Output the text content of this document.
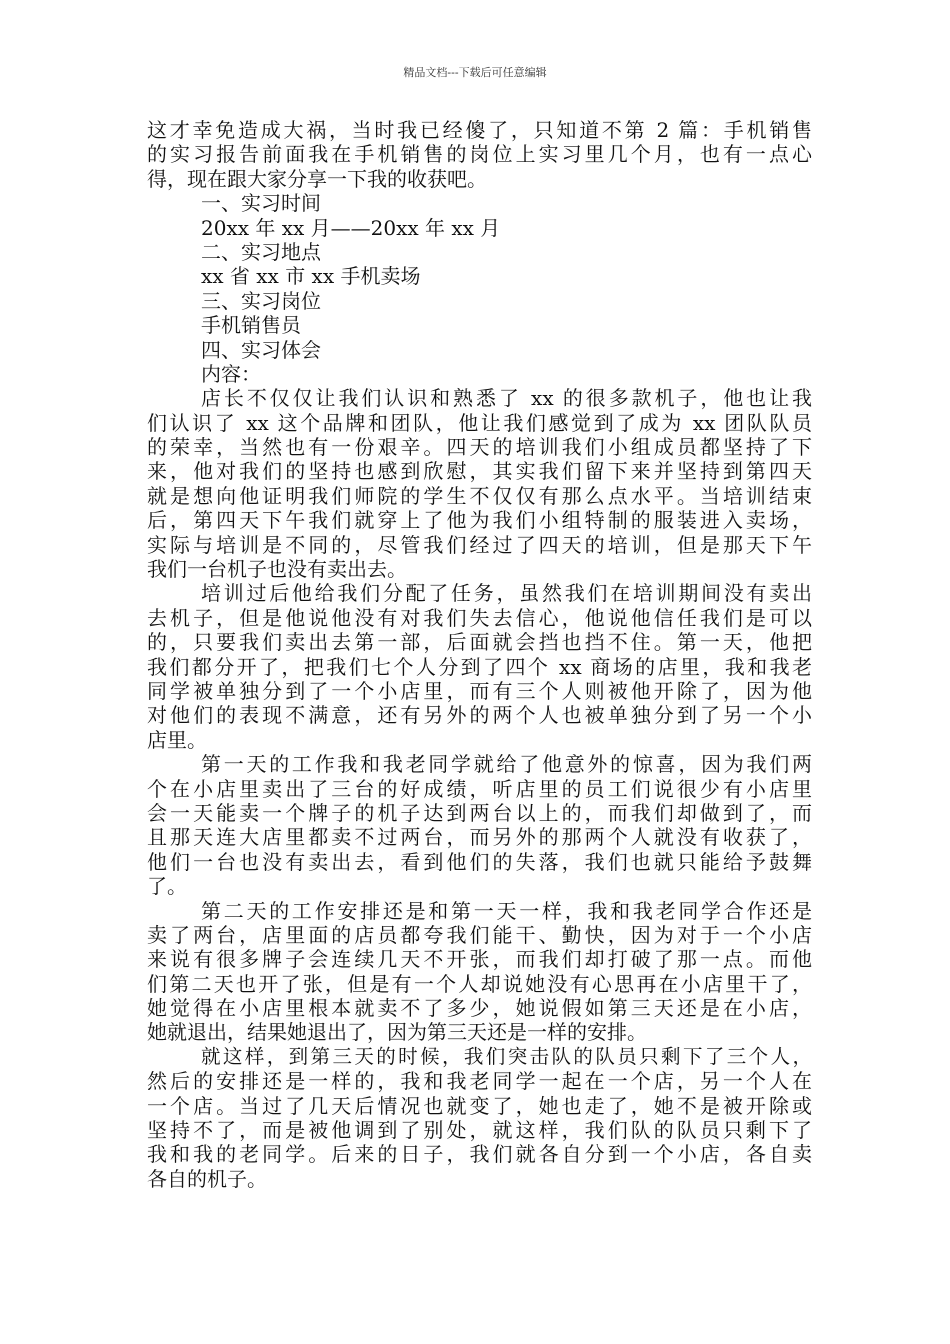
精品文档---下载后可任意编辑
这才幸免造成大祸，当时我已经傻了，只知道不第 2 篇：手机销售
的实习报告前面我在手机销售的岗位上实习里几个月，也有一点心
得，现在跟大家分享一下我的收获吧。
一、实习时间
20xx 年 xx 月——20xx 年 xx 月
二、实习地点
xx 省 xx 市 xx 手机卖场
三、实习岗位
手机销售员
四、实习体会
内容：
店长不仅仅让我们认识和熟悉了 xx 的很多款机子，他也让我
们认识了 xx 这个品牌和团队，他让我们感觉到了成为 xx 团队队员
的荣幸，当然也有一份艰辛。四天的培训我们小组成员都坚持了下
来，他对我们的坚持也感到欣慰，其实我们留下来并坚持到第四天
就是想向他证明我们师院的学生不仅仅有那么点水平。当培训结束
后，第四天下午我们就穿上了他为我们小组特制的服装进入卖场，
实际与培训是不同的，尽管我们经过了四天的培训，但是那天下午
我们一台机子也没有卖出去。
培训过后他给我们分配了任务，虽然我们在培训期间没有卖出
去机子，但是他说他没有对我们失去信心，他说他信任我们是可以
的，只要我们卖出去第一部，后面就会挡也挡不住。第一天，他把
我们都分开了，把我们七个人分到了四个 xx 商场的店里，我和我老
同学被单独分到了一个小店里，而有三个人则被他开除了，因为他
对他们的表现不满意，还有另外的两个人也被单独分到了另一个小
店里。
第一天的工作我和我老同学就给了他意外的惊喜，因为我们两
个在小店里卖出了三台的好成绩，听店里的员工们说很少有小店里
会一天能卖一个牌子的机子达到两台以上的，而我们却做到了，而
且那天连大店里都卖不过两台，而另外的那两个人就没有收获了，
他们一台也没有卖出去，看到他们的失落，我们也就只能给予鼓舞
了。
第二天的工作安排还是和第一天一样，我和我老同学合作还是
卖了两台，店里面的店员都夸我们能干、勤快，因为对于一个小店
来说有很多牌子会连续几天不开张，而我们却打破了那一点。而他
们第二天也开了张，但是有一个人却说她没有心思再在小店里干了，
她觉得在小店里根本就卖不了多少，她说假如第三天还是在小店，
她就退出，结果她退出了，因为第三天还是一样的安排。
就这样，到第三天的时候，我们突击队的队员只剩下了三个人，
然后的安排还是一样的，我和我老同学一起在一个店，另一个人在
一个店。当过了几天后情况也就变了，她也走了，她不是被开除或
坚持不了，而是被他调到了别处，就这样，我们队的队员只剩下了
我和我的老同学。后来的日子，我们就各自分到一个小店，各自卖
各自的机子。
